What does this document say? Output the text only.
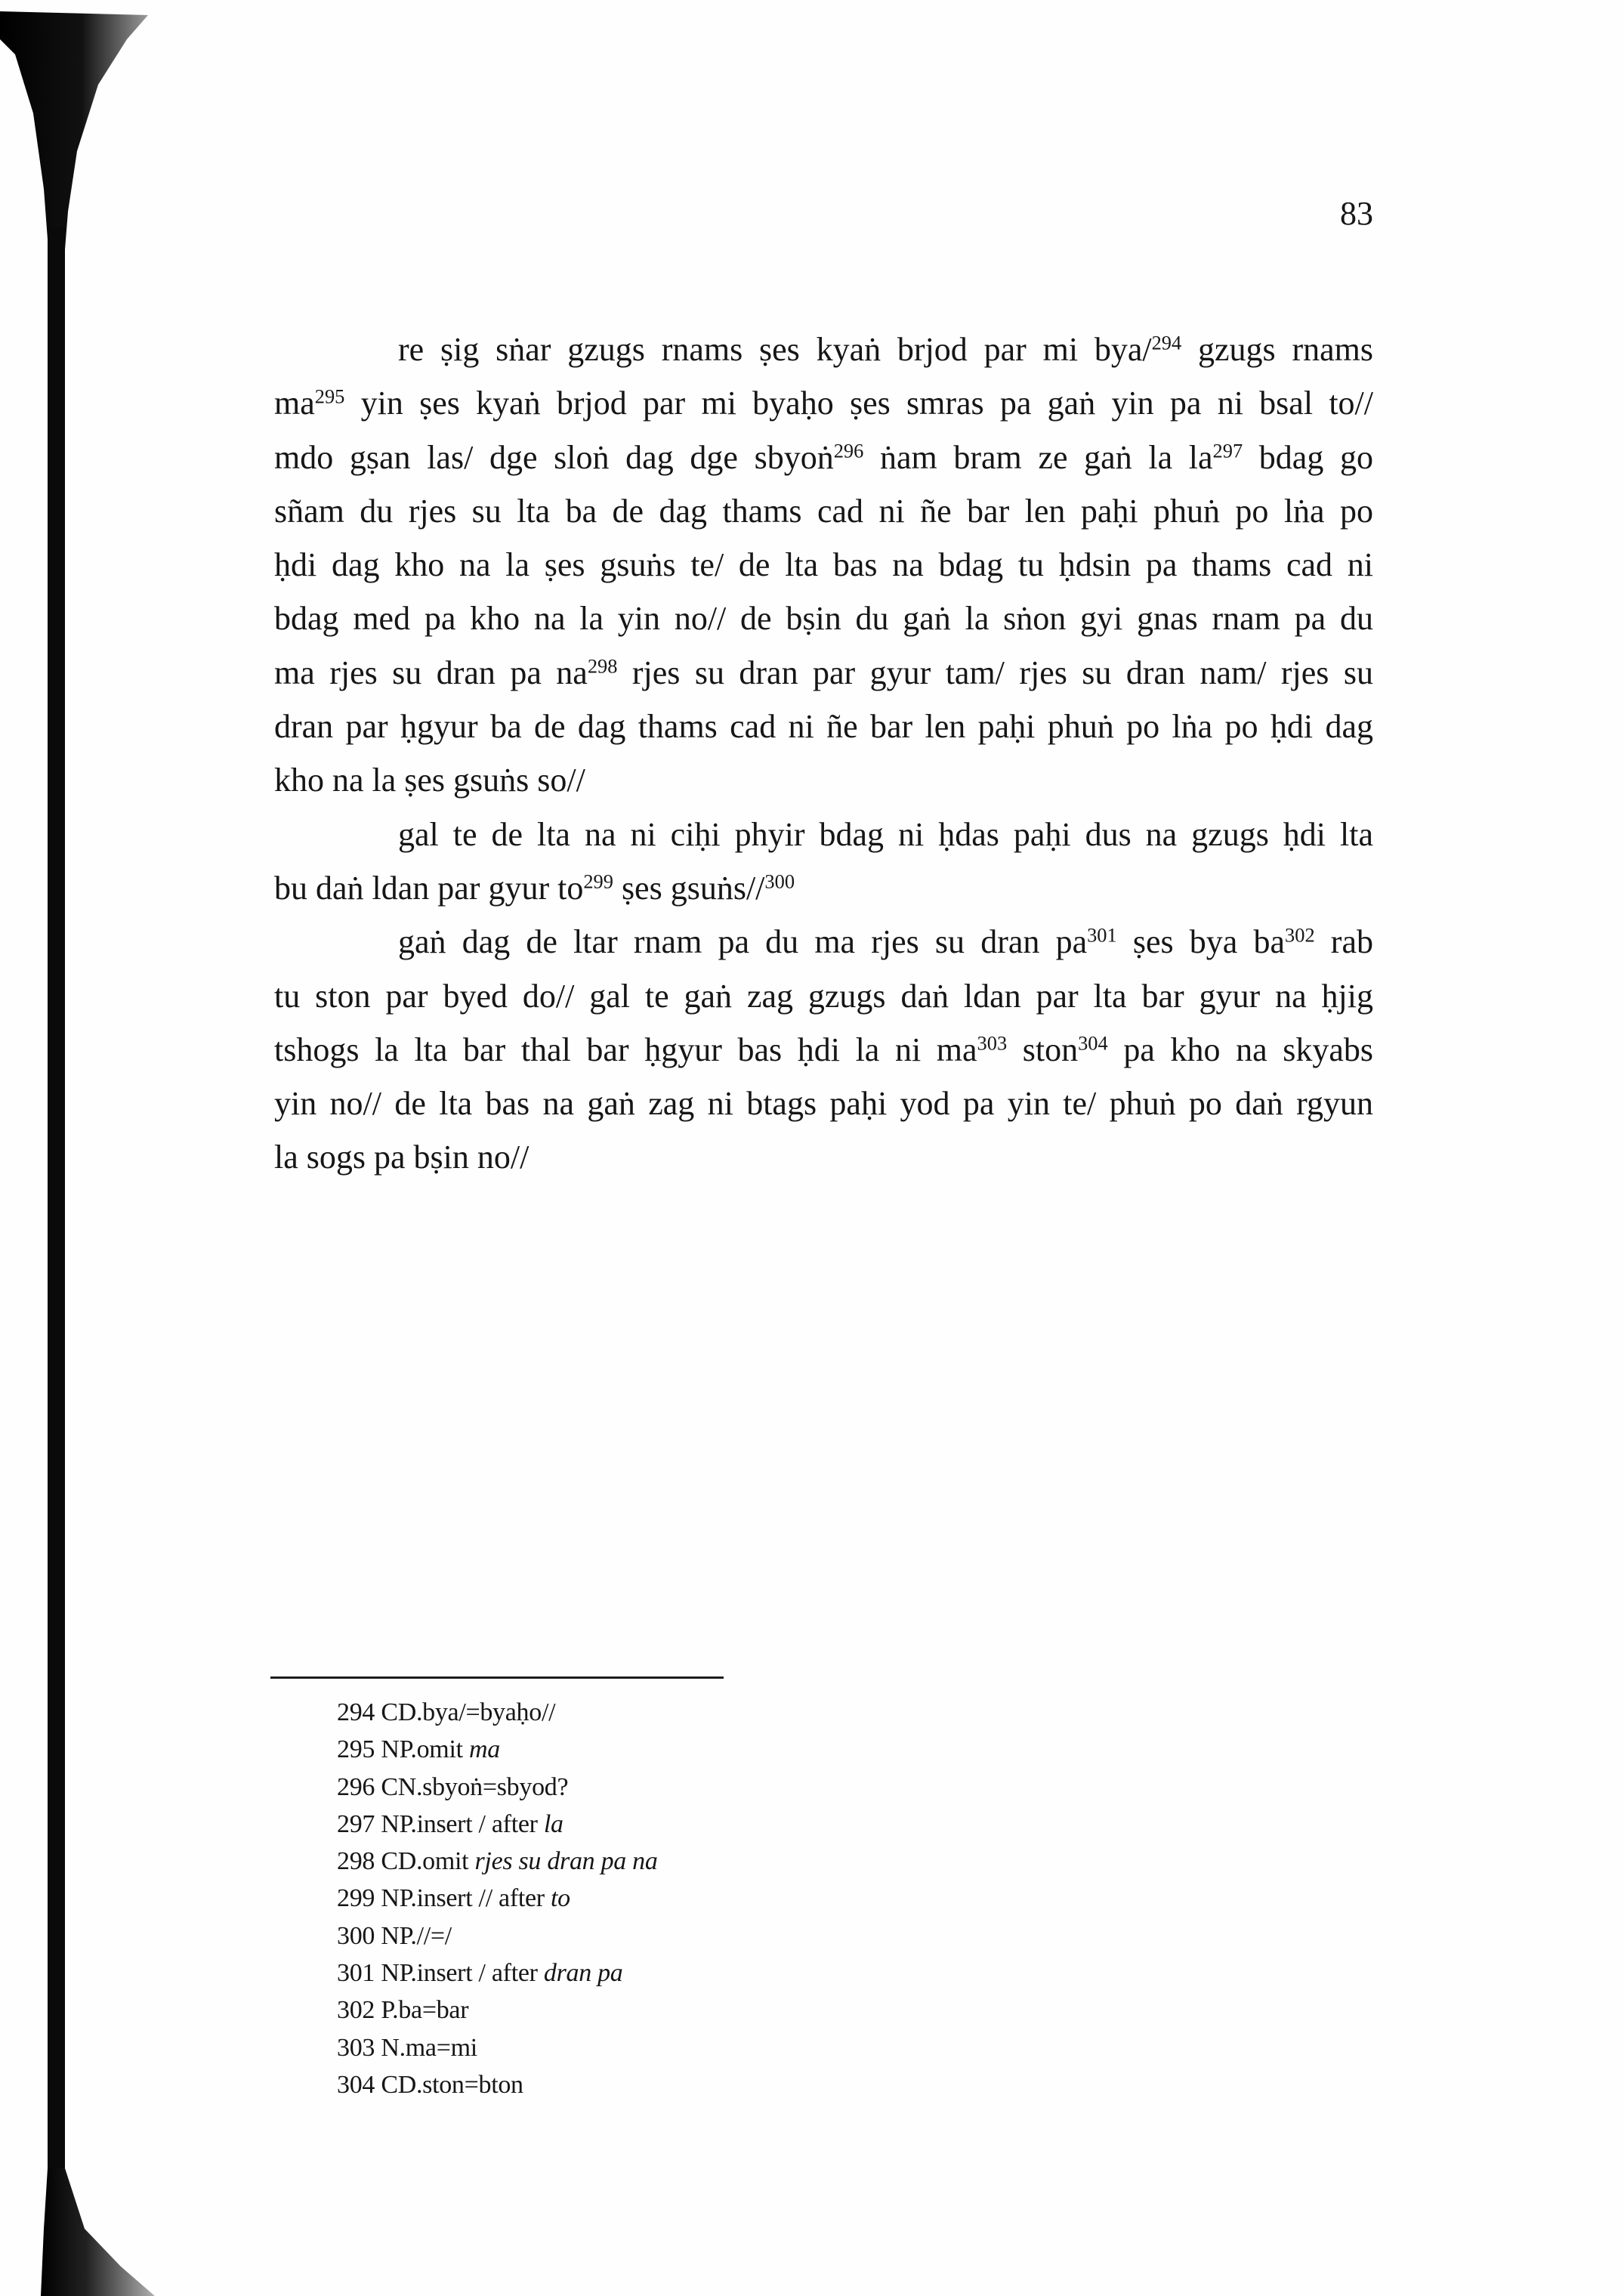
83
re ṣig sṅar gzugs rnams ṣes kyaṅ brjod par mi bya/$^{294}$ gzugs rnams
$ma^{295}$ yin ṣes kyaṅ brjod par mi byaḥo ṣes smras pa gaṅ yin pa ni bsal to//
mdo gṣan las/ dge sloṅ dag dge sbyoṅ$^{296}$ ṅam bram ze gaṅ la $la^{297}$ bdag go
sñam du rjes su lta ba de dag thams cad ni ñe bar len paḥi phuṅ po lṅa po
ḥdi dag kho na la ṣes gsuṅs te/ de lta bas na bdag tu ḥdsin pa thams cad ni
bdag med pa kho na la yin no// de bṣin du gaṅ la sṅon gyi gnas rnam pa du
ma rjes su dran pa $na^{298}$ rjes su dran par gyur tam/ rjes su dran nam/ rjes su
dran par ḥgyur ba de dag thams cad ni ñe bar len paḥi phuṅ po lṅa po ḥdi dag
kho na la ṣes gsuṅs so//
gal te de lta na ni ciḥi phyir bdag ni ḥdas paḥi dus na gzugs ḥdi lta
bu daṅ ldan par gyur $to^{299}$ ṣes gsuṅs//$^{300}$
gaṅ dag de ltar rnam pa du ma rjes su dran $pa^{301}$ ṣes bya $ba^{302}$ rab
tu ston par byed do// gal te gaṅ zag gzugs daṅ ldan par lta bar gyur na ḥjig
tshogs la lta bar thal bar ḥgyur bas ḥdi la ni $ma^{303}$ ston$^{304}$ pa kho na skyabs
yin no// de lta bas na gaṅ zag ni btags paḥi yod pa yin te/ phuṅ po daṅ rgyun
la sogs pa bṣin no//
294 CD.bya/=byaḥo//
295 NP.omit ma
296 CN.sbyoṅ=sbyod?
297 NP.insert / after la
298 CD.omit rjes su dran pa na
299 NP.insert // after to
300 NP.//=/
301 NP.insert / after dran pa
302 P.ba=bar
303 N.ma=mi
304 CD.ston=bton
